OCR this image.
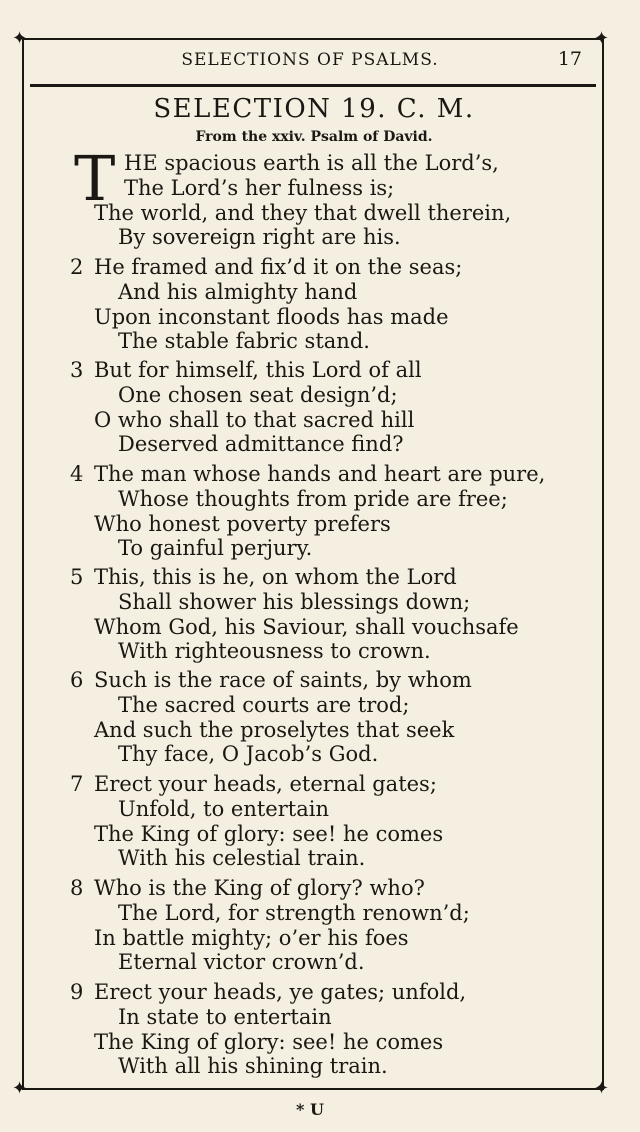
✦	✦
✦	✦
SELECTIONS OF PSALMS.	17
SELECTION 19. C. M.
From the xxiv. Psalm of David.
T HE spacious earth is all the Lord’s,
The Lord’s her fulness is;
The world, and they that dwell therein,
By sovereign right are his.
2 He framed and fix’d it on the seas;
And his almighty hand
Upon inconstant floods has made
The stable fabric stand.
3 But for himself, this Lord of all
One chosen seat design’d;
O who shall to that sacred hill
Deserved admittance find?
4 The man whose hands and heart are pure,
Whose thoughts from pride are free;
Who honest poverty prefers
To gainful perjury.
5 This, this is he, on whom the Lord
Shall shower his blessings down;
Whom God, his Saviour, shall vouchsafe
With righteousness to crown.
6 Such is the race of saints, by whom
The sacred courts are trod;
And such the proselytes that seek
Thy face, O Jacob’s God.
7 Erect your heads, eternal gates;
Unfold, to entertain
The King of glory: see! he comes
With his celestial train.
8 Who is the King of glory? who?
The Lord, for strength renown’d;
In battle mighty; o’er his foes
Eternal victor crown’d.
9 Erect your heads, ye gates; unfold,
In state to entertain
The King of glory: see! he comes
With all his shining train.
* U
